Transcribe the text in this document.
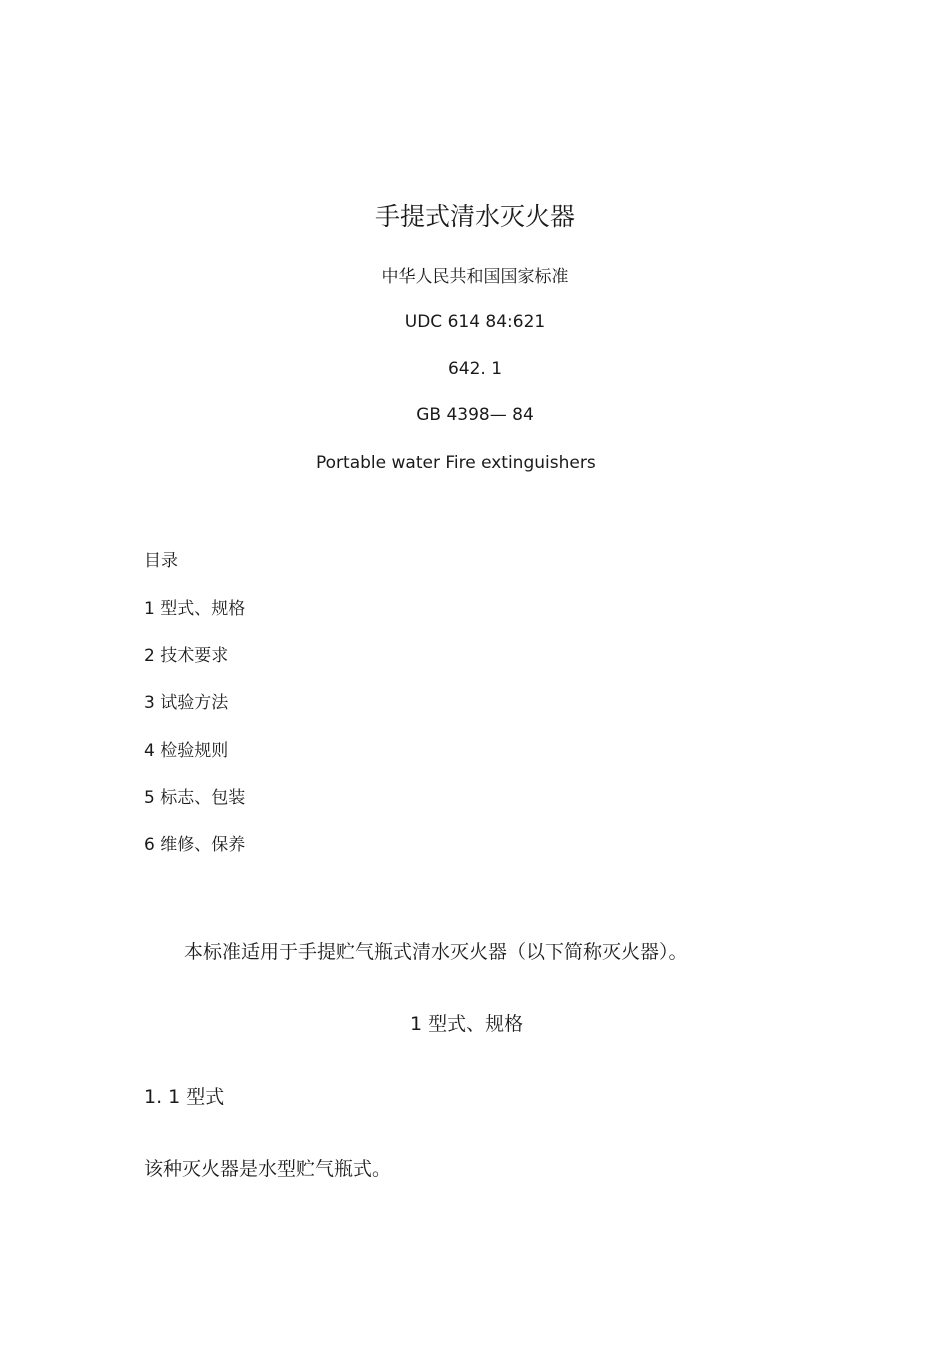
手提式清水灭火器
中华人民共和国国家标准
UDC 614 84:621
642. 1
GB 4398— 84
Portable water Fire extinguishers
目录
1 型式、规格
2 技术要求
3 试验方法
4 检验规则
5 标志、包装
6 维修、保养
本标准适用于手提贮气瓶式清水灭火器（以下简称灭火器）。
1 型式、规格
1. 1 型式
该种灭火器是水型贮气瓶式。
